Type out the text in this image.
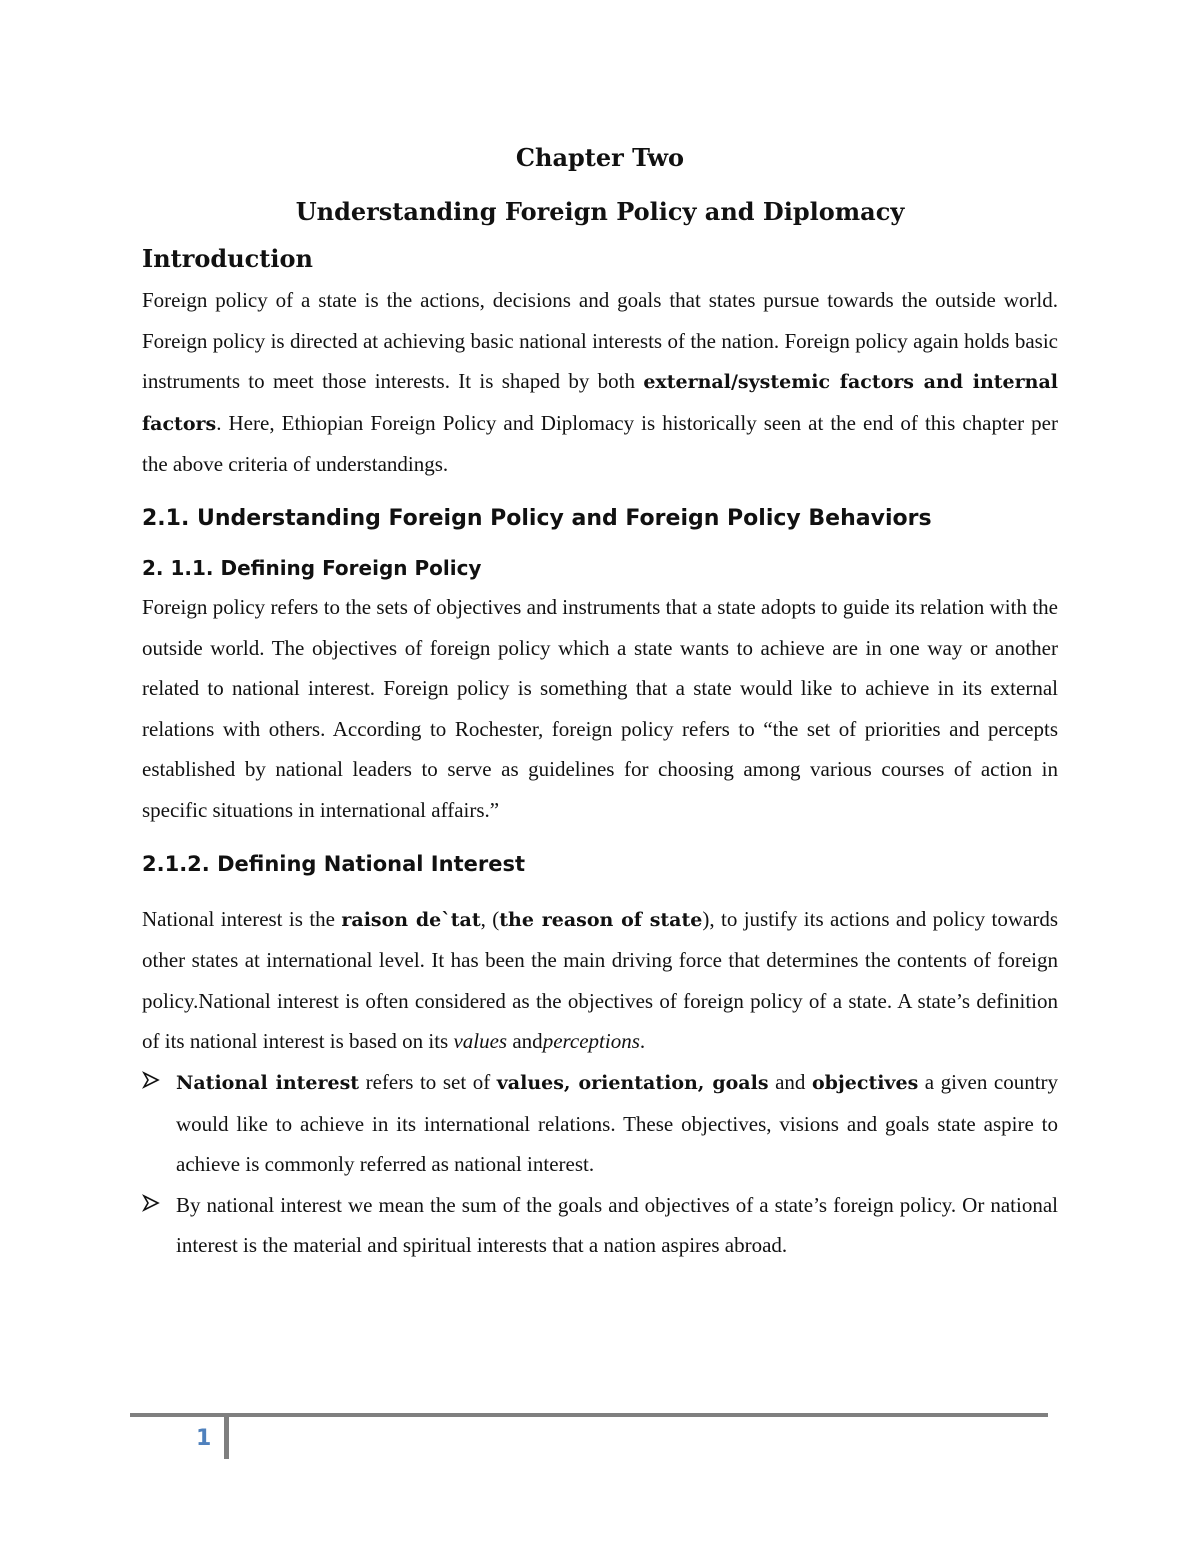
Chapter Two
Understanding Foreign Policy and Diplomacy
Introduction

Foreign policy of a state is the actions, decisions and goals that states pursue towards the outside world. Foreign policy is directed at achieving basic national interests of the nation. Foreign policy again holds basic instruments to meet those interests. It is shaped by both external/systemic factors and internal factors. Here, Ethiopian Foreign Policy and Diplomacy is historically seen at the end of this chapter per the above criteria of understandings.

2.1. Understanding Foreign Policy and Foreign Policy Behaviors
2. 1.1. Defining Foreign Policy

Foreign policy refers to the sets of objectives and instruments that a state adopts to guide its relation with the outside world. The objectives of foreign policy which a state wants to achieve are in one way or another related to national interest. Foreign policy is something that a state would like to achieve in its external relations with others. According to Rochester, foreign policy refers to “the set of priorities and percepts established by national leaders to serve as guidelines for choosing among various courses of action in specific situations in international affairs.”

2.1.2. Defining National Interest

National interest is the raison de`tat, (the reason of state), to justify its actions and policy towards other states at international level. It has been the main driving force that determines the contents of foreign policy.National interest is often considered as the objectives of foreign policy of a state. A state’s definition of its national interest is based on its values andperceptions.

National interest refers to set of values, orientation, goals and objectives a given country would like to achieve in its international relations. These objectives, visions and goals state aspire to achieve is commonly referred as national interest.
By national interest we mean the sum of the goals and objectives of a state’s foreign policy. Or national interest is the material and spiritual interests that a nation aspires abroad.
1
